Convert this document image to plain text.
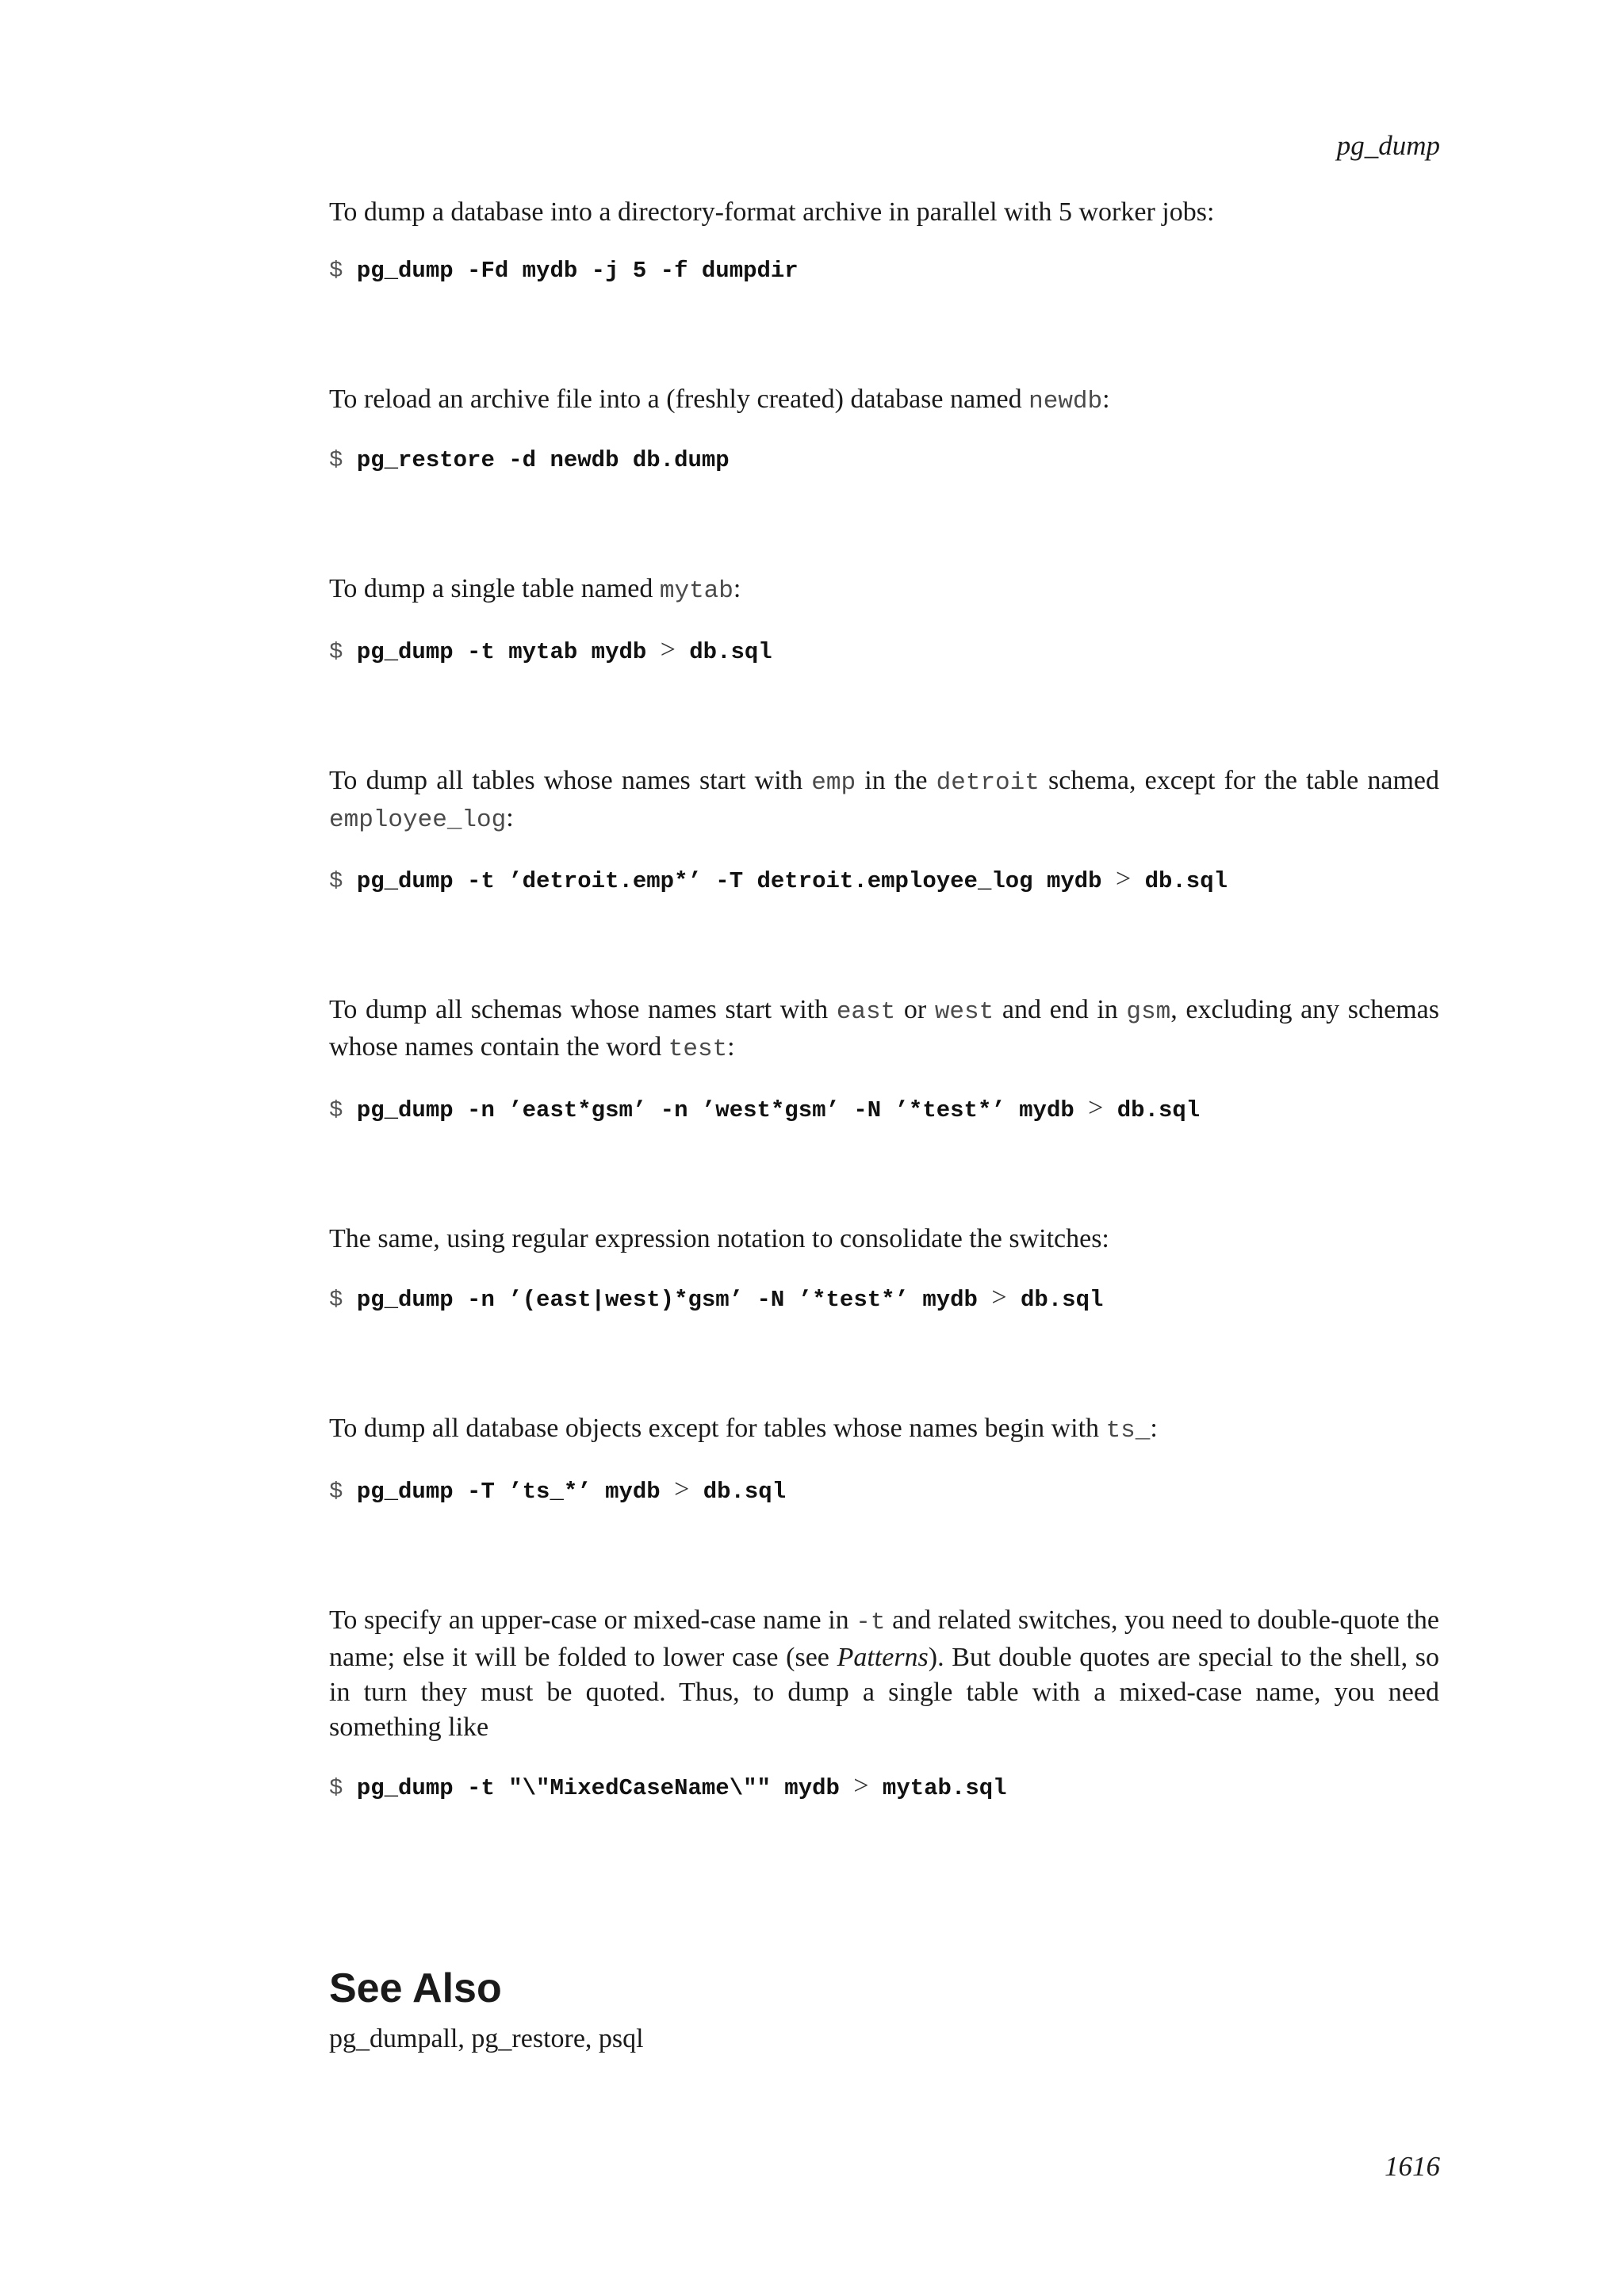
pg_dump

To dump a database into a directory-format archive in parallel with 5 worker jobs:

$ pg_dump -Fd mydb -j 5 -f dumpdir

To reload an archive file into a (freshly created) database named newdb:

$ pg_restore -d newdb db.dump

To dump a single table named mytab:

$ pg_dump -t mytab mydb > db.sql

To dump all tables whose names start with emp in the detroit schema, except for the table named employee_log:

$ pg_dump -t ’detroit.emp*’ -T detroit.employee_log mydb > db.sql

To dump all schemas whose names start with east or west and end in gsm, excluding any schemas whose names contain the word test:

$ pg_dump -n ’east*gsm’ -n ’west*gsm’ -N ’*test*’ mydb > db.sql

The same, using regular expression notation to consolidate the switches:

$ pg_dump -n ’(east|west)*gsm’ -N ’*test*’ mydb > db.sql

To dump all database objects except for tables whose names begin with ts_:

$ pg_dump -T ’ts_*’ mydb > db.sql

To specify an upper-case or mixed-case name in -t and related switches, you need to double-quote the name; else it will be folded to lower case (see Patterns). But double quotes are special to the shell, so in turn they must be quoted. Thus, to dump a single table with a mixed-case name, you need something like

$ pg_dump -t "\"MixedCaseName\"" mydb > mytab.sql
See Also

pg_dumpall, pg_restore, psql

1616
